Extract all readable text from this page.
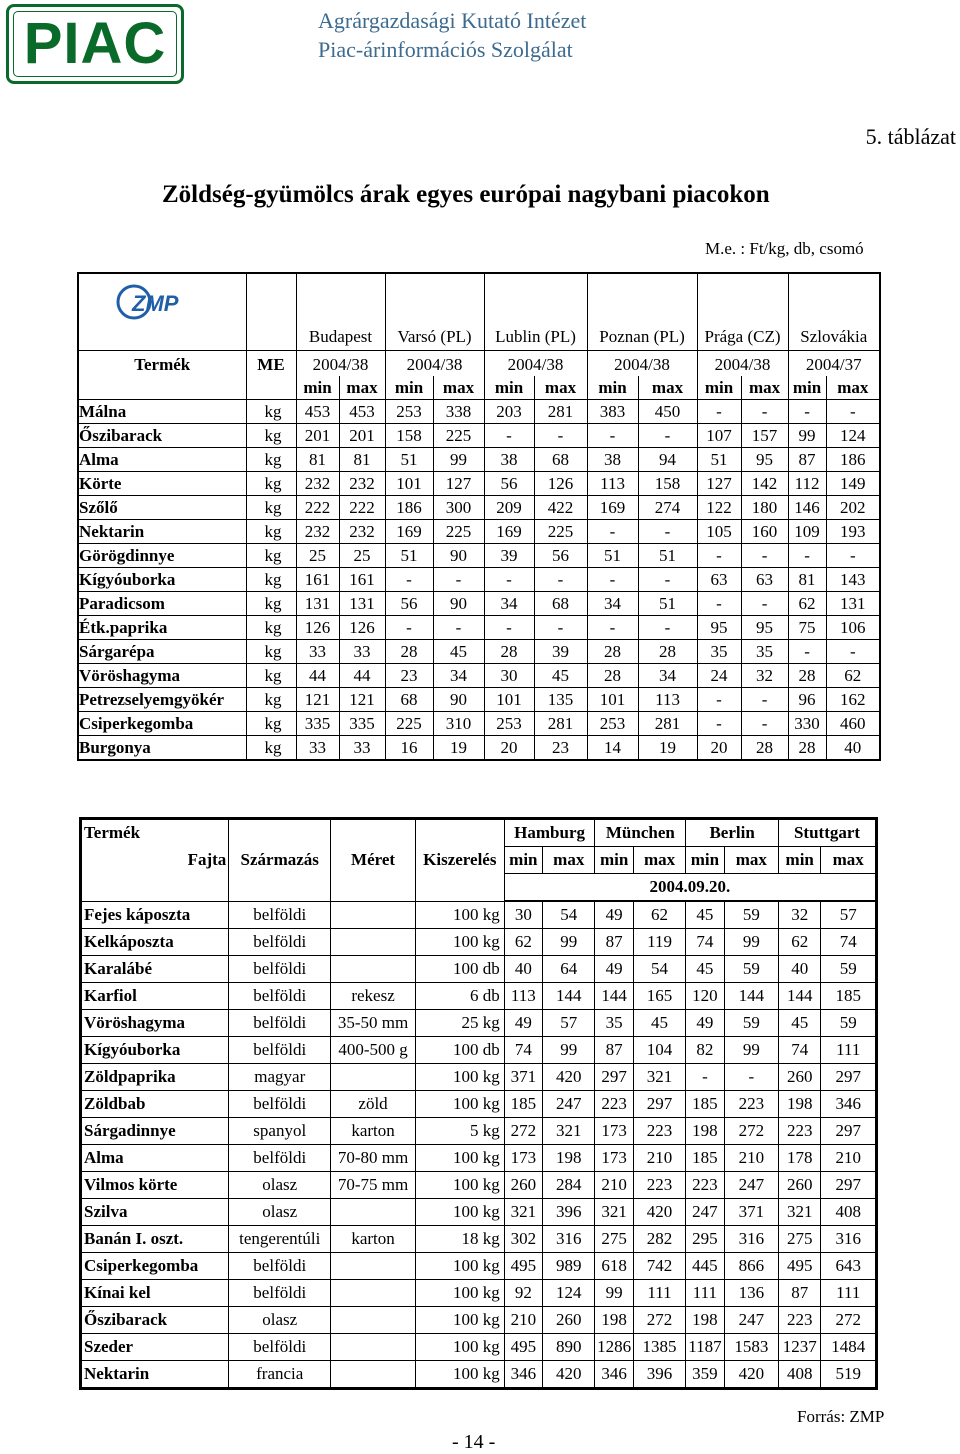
PIAC	Agrárgazdasági Kutató Intézet
Piac-árinformációs Szolgálat
5. táblázat
Zöldség-gyümölcs árak egyes európai nagybani piacokon
M.e. : Ft/kg, db, csomó
ZMP		Budapest		Varsó (PL)		Lublin (PL)		Poznan (PL)		Prága (CZ)		Szlovákia	
Termék	ME	2004/38		2004/38		2004/38		2004/38		2004/38		2004/37	
		min	max	min	max	min	max	min	max	min	max	min	max
Málna	kg	453	453	253	338	203	281	383	450	-	-	-	-
Őszibarack	kg	201	201	158	225	-	-	-	-	107	157	99	124
Alma	kg	81	81	51	99	38	68	38	94	51	95	87	186
Körte	kg	232	232	101	127	56	126	113	158	127	142	112	149
Szőlő	kg	222	222	186	300	209	422	169	274	122	180	146	202
Nektarin	kg	232	232	169	225	169	225	-	-	105	160	109	193
Görögdinnye	kg	25	25	51	90	39	56	51	51	-	-	-	-
Kígyóuborka	kg	161	161	-	-	-	-	-	-	63	63	81	143
Paradicsom	kg	131	131	56	90	34	68	34	51	-	-	62	131
Étk.paprika	kg	126	126	-	-	-	-	-	-	95	95	75	106
Sárgarépa	kg	33	33	28	45	28	39	28	28	35	35	-	-
Vöröshagyma	kg	44	44	23	34	30	45	28	34	24	32	28	62
Petrezselyemgyökér	kg	121	121	68	90	101	135	101	113	-	-	96	162
Csiperkegomba	kg	335	335	225	310	253	281	253	281	-	-	330	460
Burgonya	kg	33	33	16	19	20	23	14	19	20	28	28	40
Termék	Származás	Méret	Kiszerelés	Hamburg		München		Berlin		Stuttgart	
Fajta				min	max	min	max	min	max	min	max
				2004.09.20.							
Fejes káposzta	belföldi		100 kg	30	54	49	62	45	59	32	57
Kelkáposzta	belföldi		100 kg	62	99	87	119	74	99	62	74
Karalábé	belföldi		100 db	40	64	49	54	45	59	40	59
Karfiol	belföldi	rekesz	6 db	113	144	144	165	120	144	144	185
Vöröshagyma	belföldi	35-50 mm	25 kg	49	57	35	45	49	59	45	59
Kígyóuborka	belföldi	400-500 g	100 db	74	99	87	104	82	99	74	111
Zöldpaprika	magyar		100 kg	371	420	297	321	-	-	260	297
Zöldbab	belföldi	zöld	100 kg	185	247	223	297	185	223	198	346
Sárgadinnye	spanyol	karton	5 kg	272	321	173	223	198	272	223	297
Alma	belföldi	70-80 mm	100 kg	173	198	173	210	185	210	178	210
Vilmos körte	olasz	70-75 mm	100 kg	260	284	210	223	223	247	260	297
Szilva	olasz		100 kg	321	396	321	420	247	371	321	408
Banán I. oszt.	tengerentúli	karton	18 kg	302	316	275	282	295	316	275	316
Csiperkegomba	belföldi		100 kg	495	989	618	742	445	866	495	643
Kínai kel	belföldi		100 kg	92	124	99	111	111	136	87	111
Őszibarack	olasz		100 kg	210	260	198	272	198	247	223	272
Szeder	belföldi		100 kg	495	890	1286	1385	1187	1583	1237	1484
Nektarin	francia		100 kg	346	420	346	396	359	420	408	519
- 14 -
Forrás: ZMP
